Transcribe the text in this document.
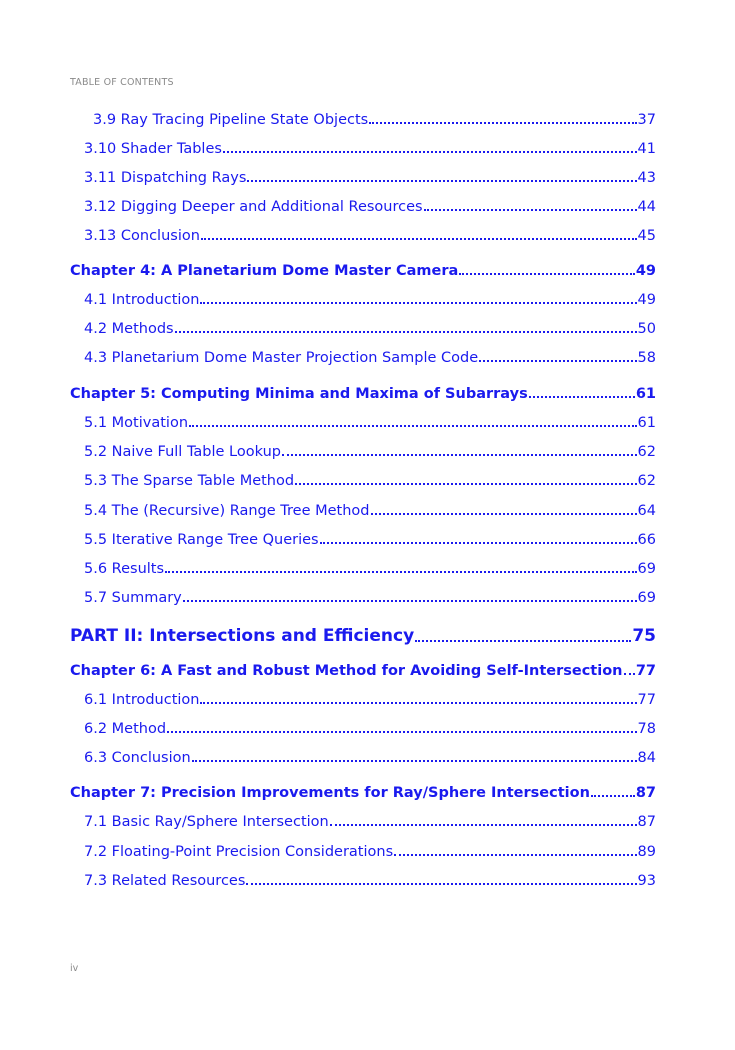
TABLE OF CONTENTS
3.9 Ray Tracing Pipeline State Objects	37
3.10 Shader Tables	41
3.11 Dispatching Rays	43
3.12 Digging Deeper and Additional Resources	44
3.13 Conclusion	45
Chapter 4: A Planetarium Dome Master Camera	49
4.1 Introduction	49
4.2 Methods	50
4.3 Planetarium Dome Master Projection Sample Code	58
Chapter 5: Computing Minima and Maxima of Subarrays	61
5.1 Motivation	61
5.2 Naive Full Table Lookup	62
5.3 The Sparse Table Method	62
5.4 The (Recursive) Range Tree Method	64
5.5 Iterative Range Tree Queries	66
5.6 Results	69
5.7 Summary	69
PART II: Intersections and Efficiency	75
Chapter 6: A Fast and Robust Method for Avoiding Self-Intersection 77
6.1 Introduction	77
6.2 Method	78
6.3 Conclusion	84
Chapter 7: Precision Improvements for Ray/Sphere Intersection	87
7.1 Basic Ray/Sphere Intersection	87
7.2 Floating-Point Precision Considerations	89
7.3 Related Resources	93
iv
